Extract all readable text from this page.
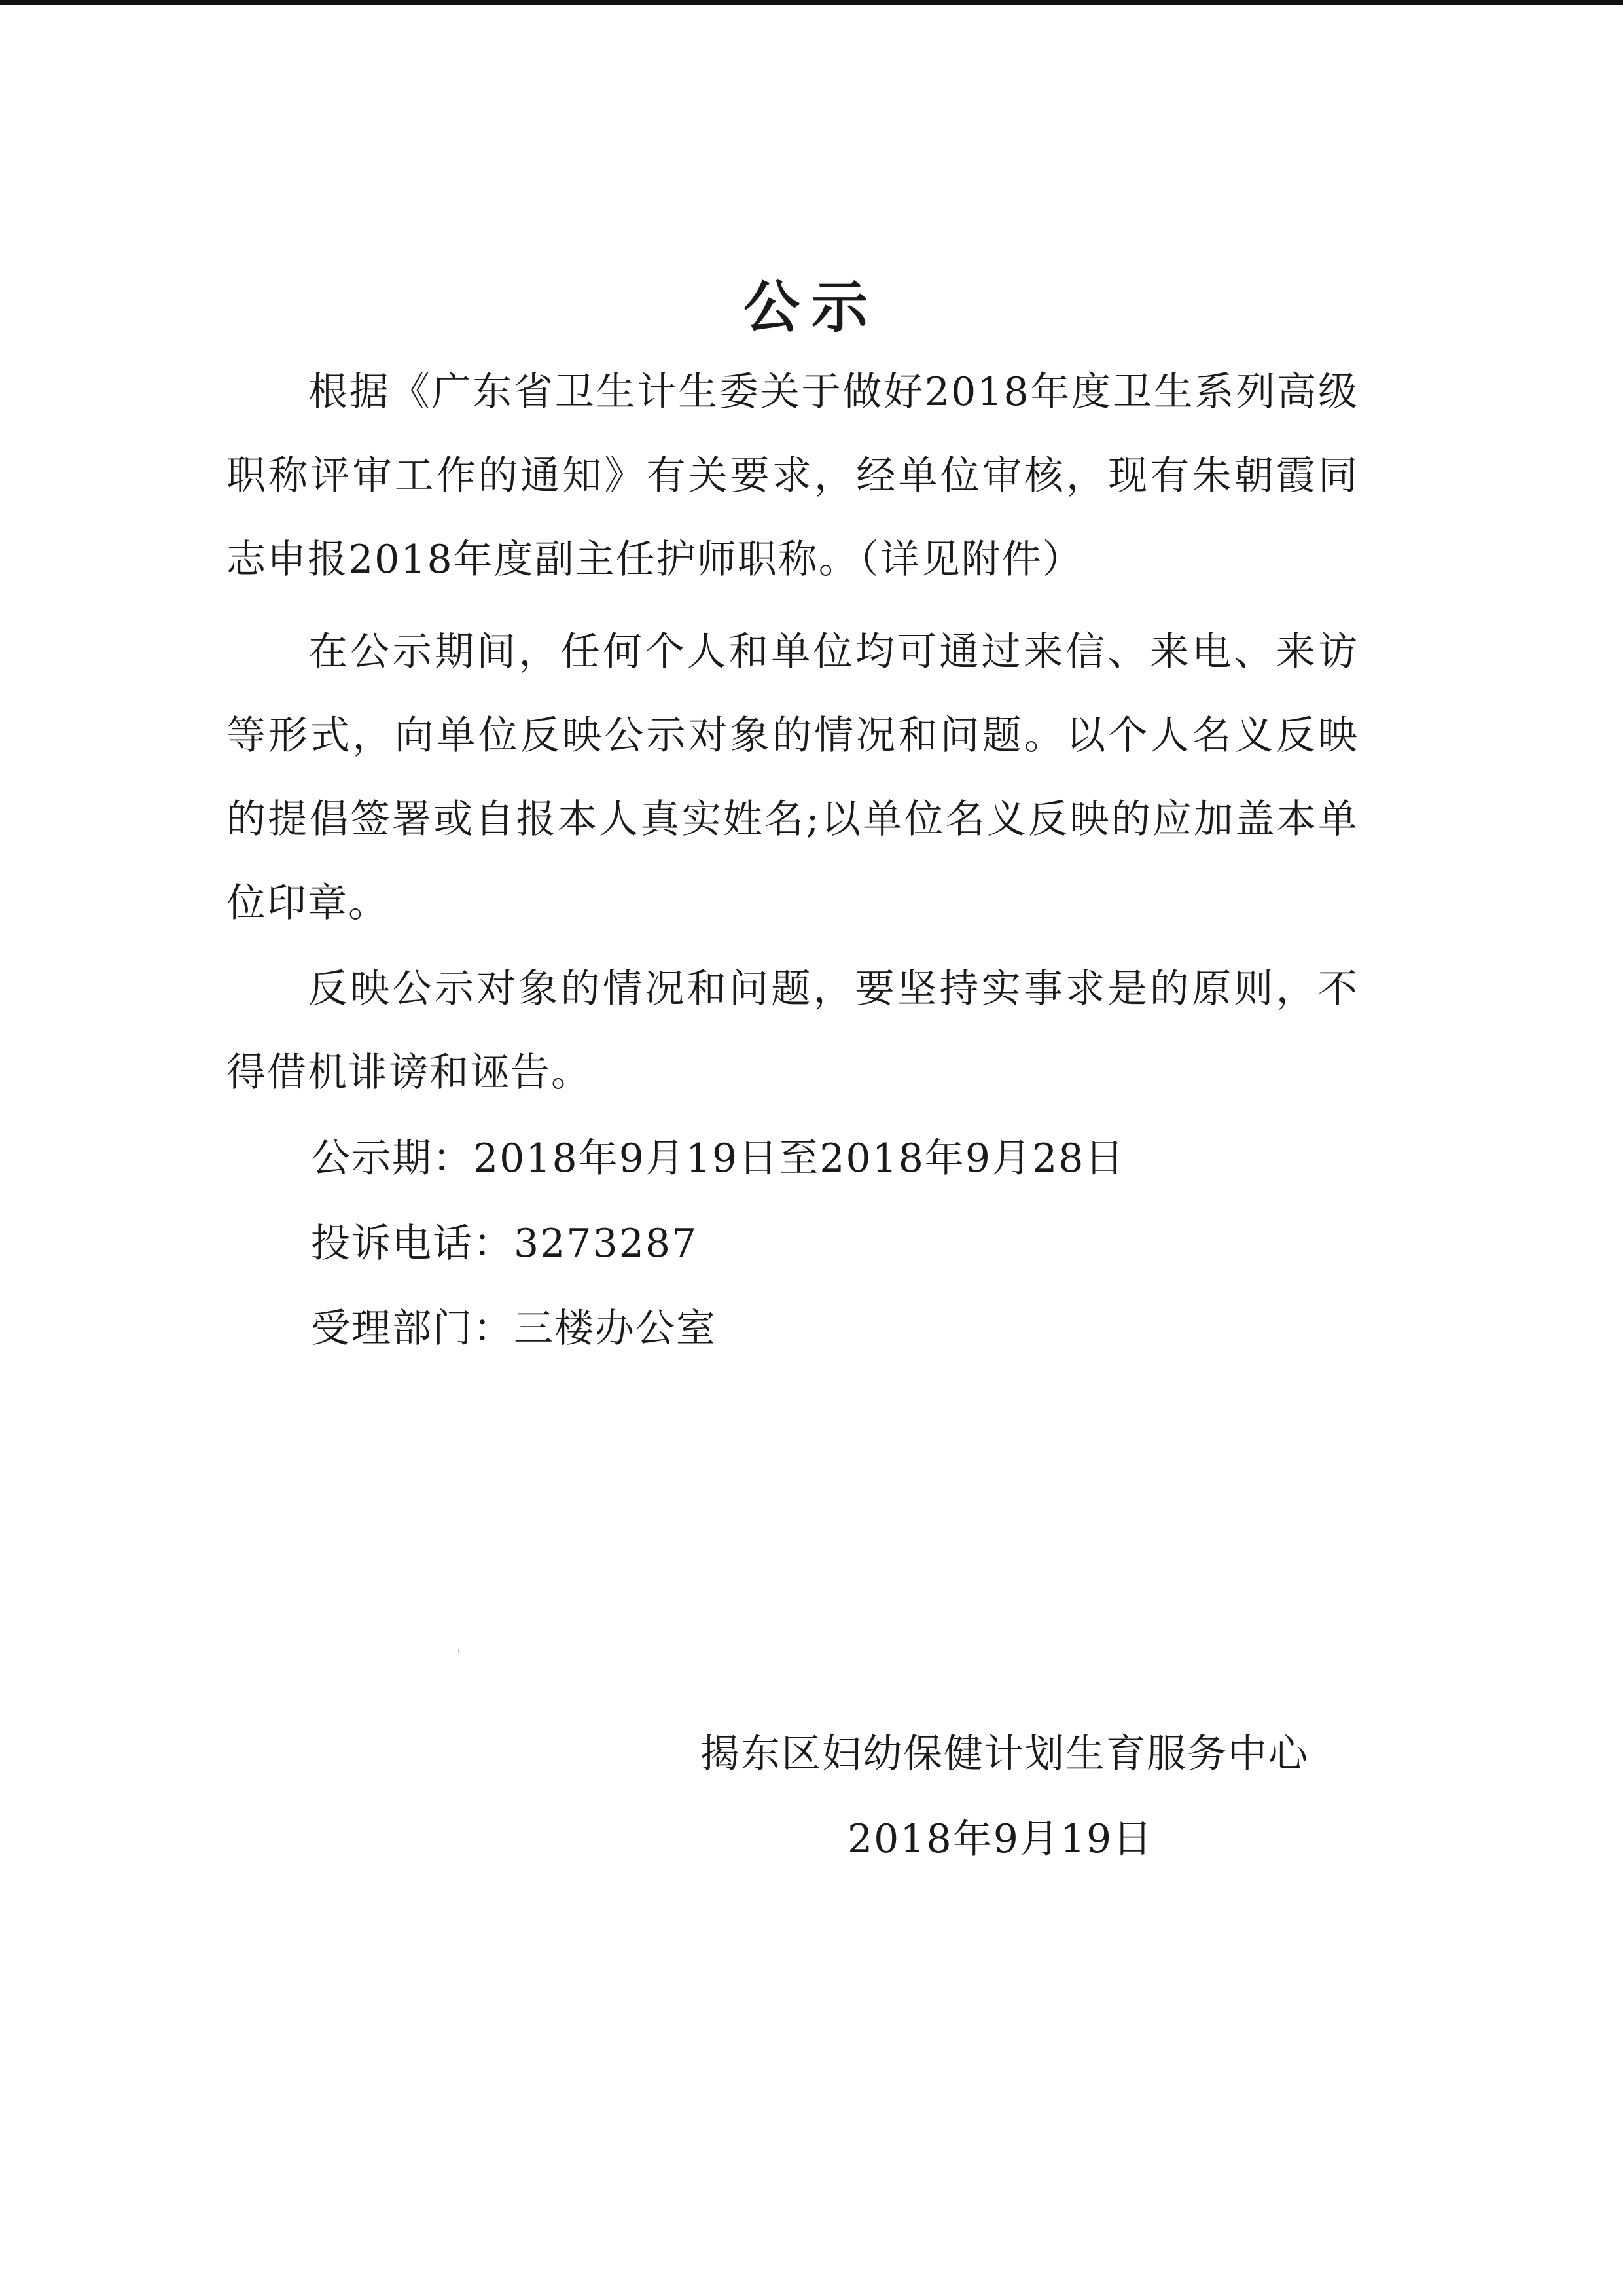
公示

根据《广东省卫生计生委关于做好2018年度卫生系列高级职称评审工作的通知》有关要求，经单位审核，现有朱朝霞同志申报2018年度副主任护师职称。（详见附件）

在公示期间，任何个人和单位均可通过来信、来电、来访等形式，向单位反映公示对象的情况和问题。以个人名义反映的提倡签署或自报本人真实姓名;以单位名义反映的应加盖本单位印章。

反映公示对象的情况和问题，要坚持实事求是的原则，不得借机诽谤和诬告。

公示期：2018年9月19日至2018年9月28日

投诉电话：3273287

受理部门：三楼办公室

揭东区妇幼保健计划生育服务中心

2018年9月19日
